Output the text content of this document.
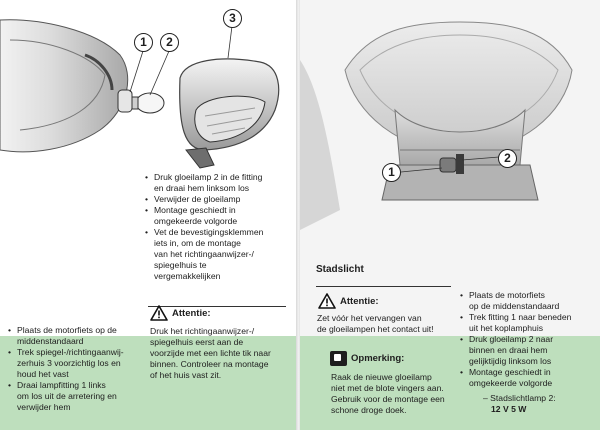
1	2
3
• Druk gloeilamp 2 in de fitting
en draai hem linksom los
• Verwijder de gloeilamp
• Montage geschiedt in
omgekeerde volgorde
• Vet de bevestigingsklemmen
iets in, om de montage
van het richtingaanwijzer-/
spiegelhuis te
vergemakkelijken
Attentie:
Druk het richtingaanwijzer-/
spiegelhuis eerst aan de
voorzijde met een lichte tik naar
binnen. Controleer na montage
of het huis vast zit.
• Plaats de motorfiets op de
middenstandaard
• Trek spiegel-/richtingaanwij-
zerhuis 3 voorzichtig los en
houd het vast
• Draai lampfitting 1 links
om los uit de arretering en
verwijder hem
1
2
Stadslicht
Attentie:
Zet vóór het vervangen van
de gloeilampen het contact uit!
• Plaats de motorfiets
op de middenstandaard
• Trek fitting 1 naar beneden
uit het koplamphuis
• Druk gloeilamp 2 naar
binnen en draai hem
gelijktijdig linksom los
• Montage geschiedt in
omgekeerde volgorde
– Stadslichtlamp 2:
12 V 5 W
Opmerking:
Raak de nieuwe gloeilamp
niet met de blote vingers aan.
Gebruik voor de montage een
schone droge doek.
